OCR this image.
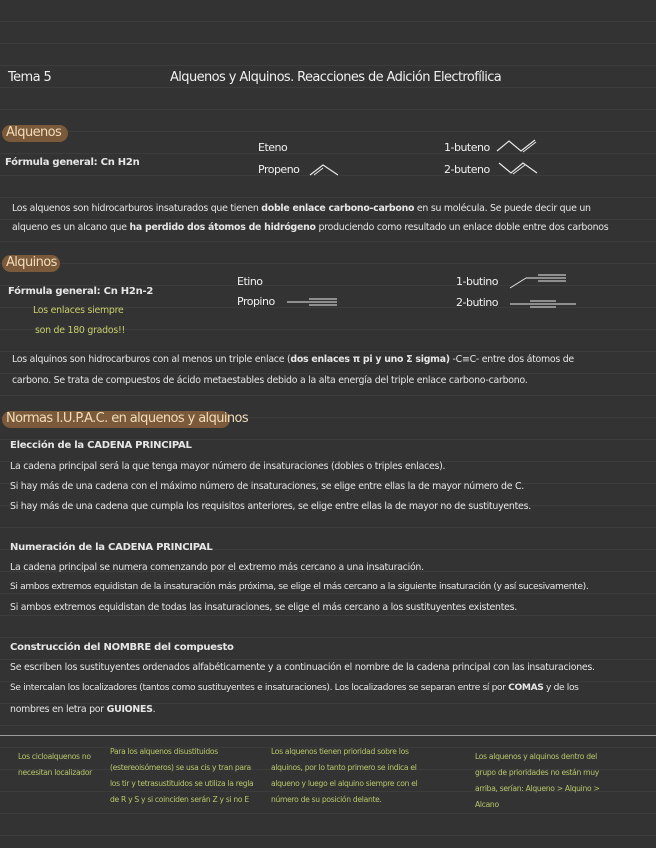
Tema 5	Alquenos y Alquinos. Reacciones de Adición Electrofílica
Alquenos
Fórmula general: Cn H2n
Eteno
Propeno
1-buteno
2-buteno
Los alquenos son hidrocarburos insaturados que tienen doble enlace carbono-carbono en su molécula. Se puede decir que un
alqueno es un alcano que ha perdido dos átomos de hidrógeno produciendo como resultado un enlace doble entre dos carbonos
Alquinos
Fórmula general: Cn H2n-2
Los enlaces siempre
son de 180 grados!!
Etino
Propino
1-butino
2-butino
Los alquinos son hidrocarburos con al menos un triple enlace (dos enlaces π pi y uno Σ sigma) -C≡C- entre dos átomos de
carbono. Se trata de compuestos de ácido metaestables debido a la alta energía del triple enlace carbono-carbono.
Normas I.U.P.A.C. en alquenos y alquinos
Elección de la CADENA PRINCIPAL
La cadena principal será la que tenga mayor número de insaturaciones (dobles o triples enlaces).
Si hay más de una cadena con el máximo número de insaturaciones, se elige entre ellas la de mayor número de C.
Si hay más de una cadena que cumpla los requisitos anteriores, se elige entre ellas la de mayor no de sustituyentes.
Numeración de la CADENA PRINCIPAL
La cadena principal se numera comenzando por el extremo más cercano a una insaturación.
Si ambos extremos equidistan de la insaturación más próxima, se elige el más cercano a la siguiente insaturación (y así sucesivamente).
Si ambos extremos equidistan de todas las insaturaciones, se elige el más cercano a los sustituyentes existentes.
Construcción del NOMBRE del compuesto
Se escriben los sustituyentes ordenados alfabéticamente y a continuación el nombre de la cadena principal con las insaturaciones.
Se intercalan los localizadores (tantos como sustituyentes e insaturaciones). Los localizadores se separan entre sí por COMAS y de los
nombres en letra por GUIONES.
Los cicloalquenos no necesitan localizador
Para los alquenos disustituidos (estereoisómeros) se usa cis y tran para los tir y tetrasustituidos se utiliza la regla de R y S y si coinciden serán Z y si no E
Los alquenos tienen prioridad sobre los alquinos, por lo tanto primero se indica el alqueno y luego el alquino siempre con el número de su posición delante.
Los alquenos y alquinos dentro del grupo de prioridades no están muy arriba, serían: Alqueno > Alquino > Alcano
